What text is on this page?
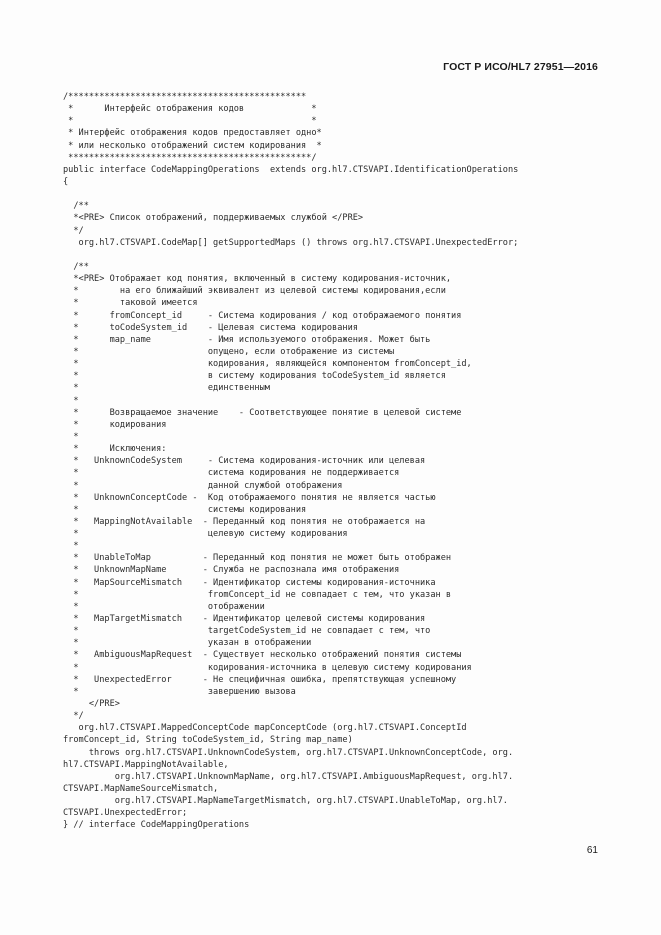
ГОСТ Р ИСО/HL7 27951—2016
/**********************************************
*      Интерфейс отображения кодов             *
*                                              *
* Интерфейс отображения кодов предоставляет одно*
* или несколько отображений систем кодирования  *
***********************************************/
public interface CodeMappingOperations  extends org.hl7.CTSVAPI.IdentificationOperations
{
/**
*<PRE> Список отображений, поддерживаемых службой </PRE>
*/
org.hl7.CTSVAPI.CodeMap[] getSupportedMaps () throws org.hl7.CTSVAPI.UnexpectedError;
/**
*<PRE> Отображает код понятия, включенный в систему кодирования-источник,
*        на его ближайший эквивалент из целевой системы кодирования,если
*        таковой имеется
*      fromConcept_id     - Система кодирования / код отображаемого понятия
*      toCodeSystem_id    - Целевая система кодирования
*      map_name           - Имя используемого отображения. Может быть
*                         опущено, если отображение из системы
*                         кодирования, являющейся компонентом fromConcept_id,
*                         в систему кодирования toCodeSystem_id является
*                         единственным
*
*      Возвращаемое значение    - Соответствующее понятие в целевой системе
*      кодирования
*
*      Исключения:
*   UnknownCodeSystem     - Система кодирования-источник или целевая
*                         система кодирования не поддерживается
*                         данной службой отображения
*   UnknownConceptCode -  Код отображаемого понятия не является частью
*                         системы кодирования
*   MappingNotAvailable  - Переданный код понятия не отображается на
*                         целевую систему кодирования
*
*   UnableToMap          - Переданный код понятия не может быть отображен
*   UnknownMapName       - Служба не распознала имя отображения
*   MapSourceMismatch    - Идентификатор системы кодирования-источника
*                         fromConcept_id не совпадает с тем, что указан в
*                         отображении
*   MapTargetMismatch    - Идентификатор целевой системы кодирования
*                         targetCodeSystem_id не совпадает с тем, что
*                         указан в отображении
*   AmbiguousMapRequest  - Существует несколько отображений понятия системы
*                         кодирования-источника в целевую систему кодирования
*   UnexpectedError      - Не специфичная ошибка, препятствующая успешному
*                         завершению вызова
</PRE>
*/
org.hl7.CTSVAPI.MappedConceptCode mapConceptCode (org.hl7.CTSVAPI.ConceptId
fromConcept_id, String toCodeSystem_id, String map_name)
throws org.hl7.CTSVAPI.UnknownCodeSystem, org.hl7.CTSVAPI.UnknownConceptCode, org.
hl7.CTSVAPI.MappingNotAvailable,
org.hl7.CTSVAPI.UnknownMapName, org.hl7.CTSVAPI.AmbiguousMapRequest, org.hl7.
CTSVAPI.MapNameSourceMismatch,
org.hl7.CTSVAPI.MapNameTargetMismatch, org.hl7.CTSVAPI.UnableToMap, org.hl7.
CTSVAPI.UnexpectedError;
} // interface CodeMappingOperations
61
